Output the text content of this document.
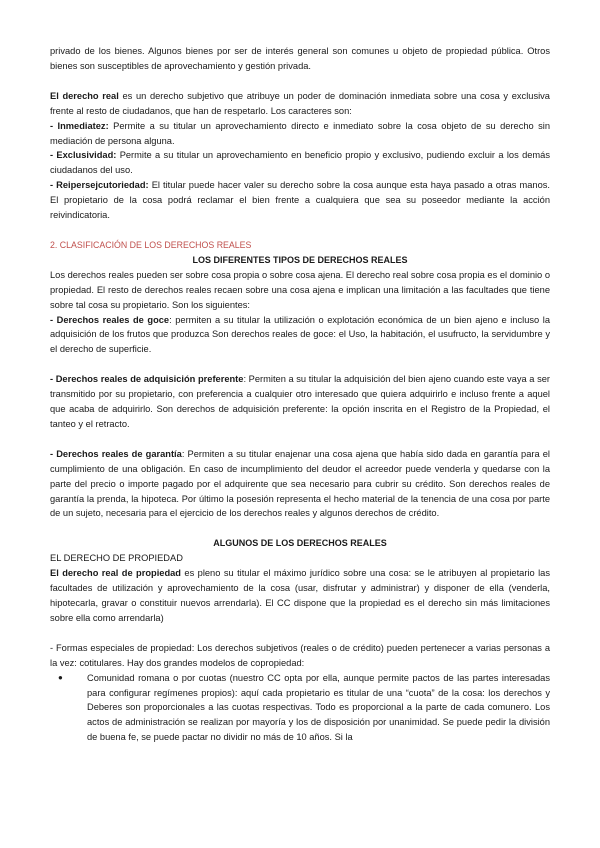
privado de los bienes. Algunos bienes por ser de interés general son comunes u objeto de propiedad pública. Otros bienes son susceptibles de aprovechamiento y gestión privada.

El derecho real es un derecho subjetivo que atribuye un poder de dominación inmediata sobre una cosa y exclusiva frente al resto de ciudadanos, que han de respetarlo. Los caracteres son:

- Inmediatez: Permite a su titular un aprovechamiento directo e inmediato sobre la cosa objeto de su derecho sin mediación de persona alguna.

- Exclusividad: Permite a su titular un aprovechamiento en beneficio propio y exclusivo, pudiendo excluir a los demás ciudadanos del uso.

- Reipersejcutoriedad: El titular puede hacer valer su derecho sobre la cosa aunque esta haya pasado a otras manos. El propietario de la cosa podrá reclamar el bien frente a cualquiera que sea su poseedor mediante la acción reivindicatoria.

2. CLASIFICACIÓN DE LOS DERECHOS REALES

LOS DIFERENTES TIPOS DE DERECHOS REALES

Los derechos reales pueden ser sobre cosa propia o sobre cosa ajena. El derecho real sobre cosa propia es el dominio o propiedad. El resto de derechos reales recaen sobre una cosa ajena e implican una limitación a las facultades que tiene sobre tal cosa su propietario. Son los siguientes:

- Derechos reales de goce: permiten a su titular la utilización o explotación económica de un bien ajeno e incluso la adquisición de los frutos que produzca Son derechos reales de goce: el Uso, la habitación, el usufructo, la servidumbre y el derecho de superficie.

- Derechos reales de adquisición preferente: Permiten a su titular la adquisición del bien ajeno cuando este vaya a ser transmitido por su propietario, con preferencia a cualquier otro interesado que quiera adquirirlo e incluso frente a aquel que acaba de adquirirlo. Son derechos de adquisición preferente: la opción inscrita en el Registro de la Propiedad, el tanteo y el retracto.

- Derechos reales de garantía: Permiten a su titular enajenar una cosa ajena que había sido dada en garantía para el cumplimiento de una obligación. En caso de incumplimiento del deudor el acreedor puede venderla y quedarse con la parte del precio o importe pagado por el adquirente que sea necesario para cubrir su crédito. Son derechos reales de garantía la prenda, la hipoteca. Por último la posesión representa el hecho material de la tenencia de una cosa por parte de un sujeto, necesaria para el ejercicio de los derechos reales y algunos derechos de crédito.

ALGUNOS DE LOS DERECHOS REALES

EL DERECHO DE PROPIEDAD

El derecho real de propiedad es pleno su titular el máximo jurídico sobre una cosa: se le atribuyen al propietario las facultades de utilización y aprovechamiento de la cosa (usar, disfrutar y administrar) y disponer de ella (venderla, hipotecarla, gravar o constituir nuevos arrendarla). El CC dispone que la propiedad es el derecho sin más limitaciones sobre ella como arrendarla)

- Formas especiales de propiedad: Los derechos subjetivos (reales o de crédito) pueden pertenecer a varias personas a la vez: cotitulares. Hay dos grandes modelos de copropiedad:

●	Comunidad romana o por cuotas (nuestro CC opta por ella, aunque permite pactos de las partes interesadas para configurar regímenes propios): aquí cada propietario es titular de una “cuota” de la cosa: los derechos y Deberes son proporcionales a las cuotas respectivas. Todo es proporcional a la parte de cada comunero. Los actos de administración se realizan por mayoría y los de disposición por unanimidad. Se puede pedir la división de buena fe, se puede pactar no dividir no más de 10 años. Si la
